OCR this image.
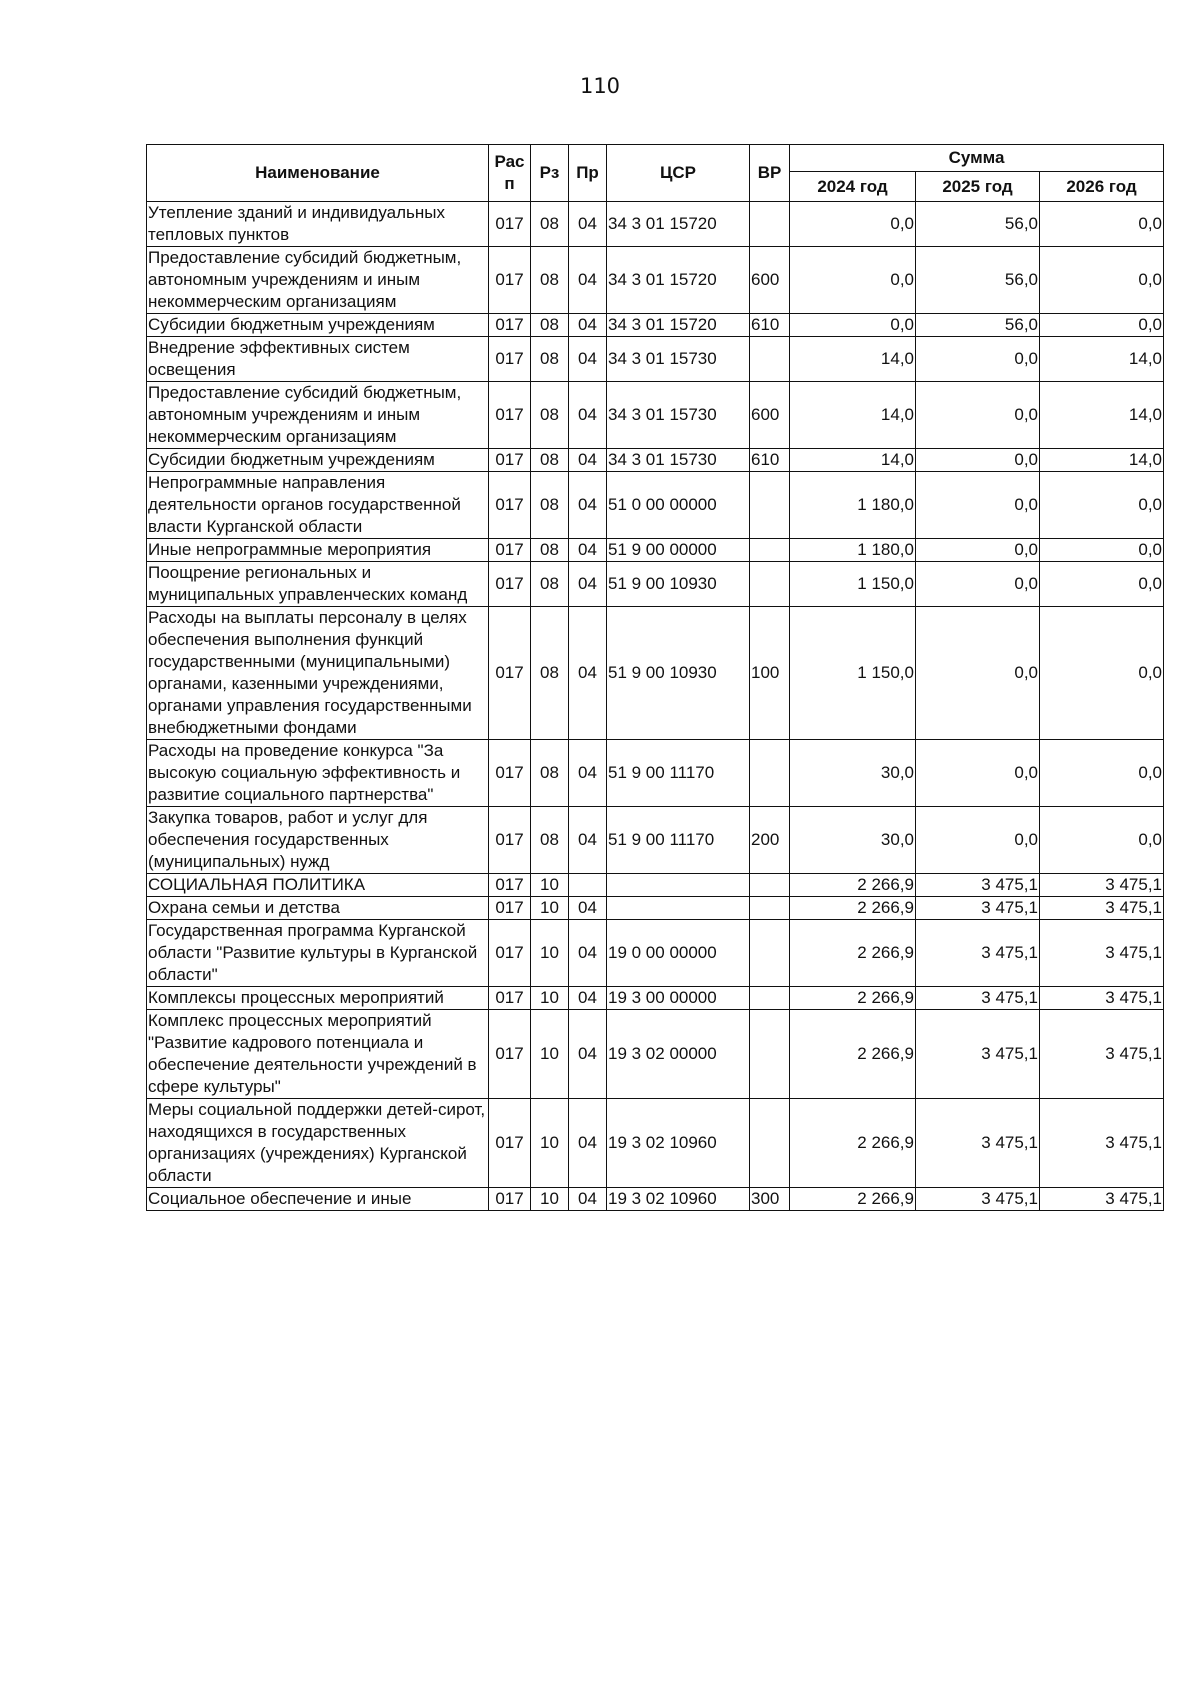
110
Наименование	Рас п	Рз	Пр	ЦСР	ВР	Сумма		
						2024 год	2025 год	2026 год
Утепление зданий и индивидуальных тепловых пунктов	017	08	04	34 3 01 15720		0,0	56,0	0,0
Предоставление субсидий бюджетным, автономным учреждениям и иным некоммерческим организациям	017	08	04	34 3 01 15720	600	0,0	56,0	0,0
Субсидии бюджетным учреждениям	017	08	04	34 3 01 15720	610	0,0	56,0	0,0
Внедрение эффективных систем освещения	017	08	04	34 3 01 15730		14,0	0,0	14,0
Предоставление субсидий бюджетным, автономным учреждениям и иным некоммерческим организациям	017	08	04	34 3 01 15730	600	14,0	0,0	14,0
Субсидии бюджетным учреждениям	017	08	04	34 3 01 15730	610	14,0	0,0	14,0
Непрограммные направления деятельности органов государственной власти Курганской области	017	08	04	51 0 00 00000		1 180,0	0,0	0,0
Иные непрограммные мероприятия	017	08	04	51 9 00 00000		1 180,0	0,0	0,0
Поощрение региональных и муниципальных управленческих команд	017	08	04	51 9 00 10930		1 150,0	0,0	0,0
Расходы на выплаты персоналу в целях обеспечения выполнения функций государственными (муниципальными) органами, казенными учреждениями, органами управления государственными внебюджетными фондами	017	08	04	51 9 00 10930	100	1 150,0	0,0	0,0
Расходы на проведение конкурса "За высокую социальную эффективность и развитие социального партнерства"	017	08	04	51 9 00 11170		30,0	0,0	0,0
Закупка товаров, работ и услуг для обеспечения государственных (муниципальных) нужд	017	08	04	51 9 00 11170	200	30,0	0,0	0,0
СОЦИАЛЬНАЯ ПОЛИТИКА	017	10				2 266,9	3 475,1	3 475,1
Охрана семьи и детства	017	10	04			2 266,9	3 475,1	3 475,1
Государственная программа Курганской области "Развитие культуры в Курганской области"	017	10	04	19 0 00 00000		2 266,9	3 475,1	3 475,1
Комплексы процессных мероприятий	017	10	04	19 3 00 00000		2 266,9	3 475,1	3 475,1
Комплекс процессных мероприятий "Развитие кадрового потенциала и обеспечение деятельности учреждений в сфере культуры"	017	10	04	19 3 02 00000		2 266,9	3 475,1	3 475,1
Меры социальной поддержки детей-сирот, находящихся в государственных организациях (учреждениях) Курганской области	017	10	04	19 3 02 10960		2 266,9	3 475,1	3 475,1
Социальное обеспечение и иные	017	10	04	19 3 02 10960	300	2 266,9	3 475,1	3 475,1
